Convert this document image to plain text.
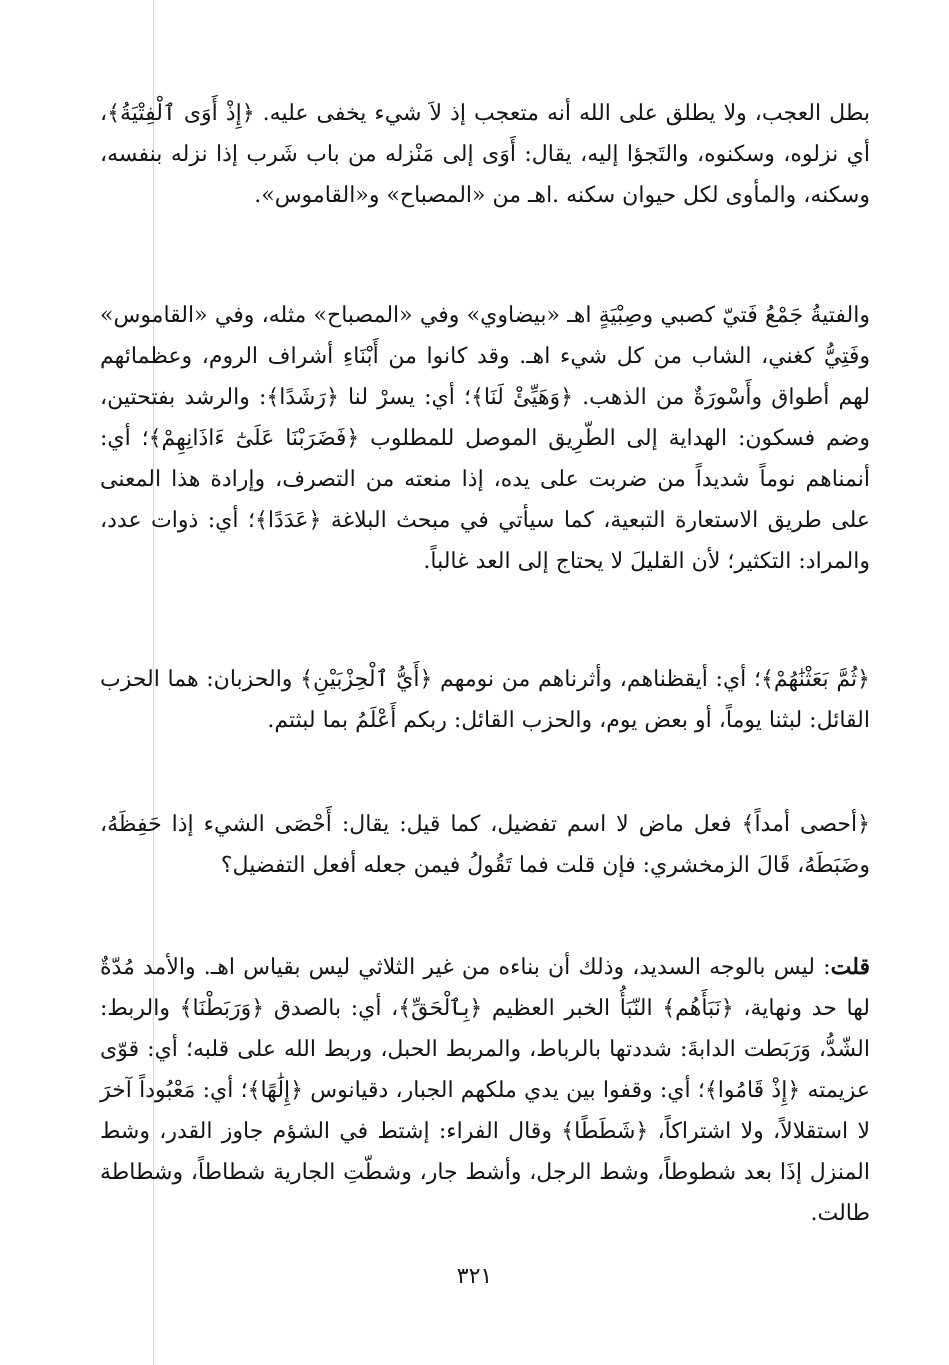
بطل العجب، ولا يطلق على الله أنه متعجب إذ لاَ شيء يخفى عليه. ﴿إِذْ أَوَى ٱلْفِتْيَةُ﴾، أي نزلوه، وسكنوه، والتَجؤا إليه، يقال: أَوَى إلى مَنْزله من باب شَرب إذا نزله بنفسه، وسكنه، والمأوى لكل حيوان سكنه .اهـ من «المصباح» و«القاموس».

والفتيةُ جَمْعُ فَتيّ كصبي وصِبْيَةٍ اهـ «بيضاوي» وفي «المصباح» مثله، وفي «القاموس» وفَتِيُّ كغني، الشاب من كل شيء اهـ. وقد كانوا من أَبْنَاءِ أشراف الروم، وعظمائهم لهم أطواق وأَسْورَةٌ من الذهب. ﴿وَهَيِّئْ لَنَا﴾؛ أي: يسرْ لنا ﴿رَشَدًا﴾: والرشد بفتحتين، وضم فسكون: الهداية إلى الطّرِيق الموصل للمطلوب ﴿فَضَرَبْنَا عَلَىٰٓ ءَاذَانِهِمْ﴾؛ أي: أنمناهم نوماً شديداً من ضربت على يده، إذا منعته من التصرف، وإرادة هذا المعنى على طريق الاستعارة التبعية، كما سيأتي في مبحث البلاغة ﴿عَدَدًا﴾؛ أي: ذوات عدد، والمراد: التكثير؛ لأن القليلَ لا يحتاج إلى العد غالباً.

﴿ثُمَّ بَعَثْنَٰهُمْ﴾؛ أي: أيقظناهم، وأثرناهم من نومهم ﴿أَيُّ ٱلْحِزْبَيْنِ﴾ والحزبان: هما الحزب القائل: لبثنا يوماً، أو بعض يوم، والحزب القائل: ربكم أَعْلَمُ بما لبثتم.

﴿أحصى أمداً﴾ فعل ماض لا اسم تفضيل، كما قيل: يقال: أَحْصَى الشيء إذا حَفِظَهُ، وضَبَطَهُ، قَالَ الزمخشري: فإن قلت فما تَقُولُ فيمن جعله أفعل التفضيل؟

قلت: ليس بالوجه السديد، وذلك أن بناءه من غير الثلاثي ليس بقياس اهـ. والأمد مُدّةٌ لها حد ونهاية، ﴿نَبَأَهُم﴾ النّبَأُ الخبر العظيم ﴿بِٱلْحَقِّ﴾، أي: بالصدق ﴿وَرَبَطْنَا﴾ والربط: الشّدُّ، وَرَبَطت الدابةَ: شددتها بالرباط، والمربط الحبل، وربط الله على قلبه؛ أي: قوّى عزيمته ﴿إِذْ قَامُوا﴾؛ أي: وقفوا بين يدي ملكهم الجبار، دقيانوس ﴿إِلَٰهًا﴾؛ أي: مَعْبُوداً آخرَ لا استقلالاً، ولا اشتراكاً، ﴿شَطَطًا﴾ وقال الفراء: إشتط في الشؤم جاوز القدر، وشط المنزل إذَا بعد شطوطاً، وشط الرجل، وأشط جار، وشطّتِ الجارية شطاطاً، وشطاطة طالت.

٣٢١
